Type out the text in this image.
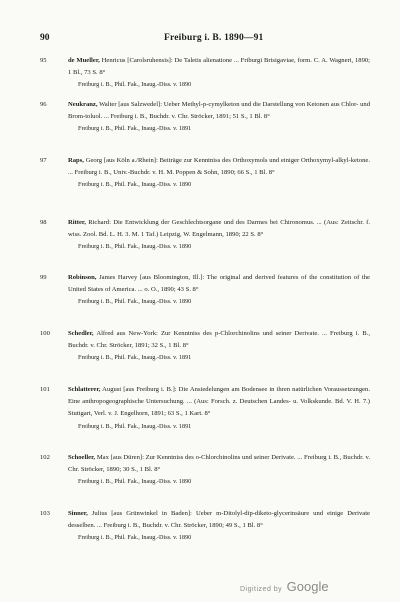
90	Freiburg i. B. 1890—91
95	de Mueller, Henricus [Carolsruhensis]: De Taletis alienatione ... Friburgi Brisigaviae, form. C. A. Wagneri, 1890; 1 Bl., 73 S. 8°
Freiburg i. B., Phil. Fak., Inaug.-Diss. v. 1890
96	Neukranz, Walter [aus Salzwedel]: Ueber Methyl-p-cymylketon und die Darstellung von Ketonen aus Chlor- und Brom-toluol. ... Freiburg i. B., Buchdr. v. Chr. Ströcker, 1891; 51 S., 1 Bl. 8°
Freiburg i. B., Phil. Fak., Inaug.-Diss. v. 1891
97	Raps, Georg [aus Köln a./Rhein]: Beiträge zur Kenntniss des Orthoxymols und einiger Orthoxymyl-alkyl-ketone. ... Freiburg i. B., Univ.-Buchdr. v. H. M. Poppen & Sohn, 1890; 66 S., 1 Bl. 8°
Freiburg i. B., Phil. Fak., Inaug.-Diss. v. 1890
98	Ritter, Richard: Die Entwicklung der Geschlechtsorgane und des Darmes bei Chironomus. ... (Aus: Zeitschr. f. wiss. Zool. Bd. L. H. 3. M. 1 Taf.) Leipzig, W. Engelmann, 1890; 22 S. 8°
Freiburg i. B., Phil. Fak., Inaug.-Diss. v. 1890
99	Robinson, James Harvey [aus Bloomington, Ill.]: The original and derived features of the constitution of the United States of America. ... o. O., 1890; 43 S. 8°
Freiburg i. B., Phil. Fak., Inaug.-Diss. v. 1890
100	Schedler, Alfred aus New-York: Zur Kenntniss des p-Chlorchinolins und seiner Derivate. ... Freiburg i. B., Buchdr. v. Chr. Ströcker, 1891; 32 S., 1 Bl. 8°
Freiburg i. B., Phil. Fak., Inaug.-Diss. v. 1891
101	Schlatterer, August [aus Freiburg i. B.]: Die Ansiedelungen am Bodensee in ihren natürlichen Voraussetzungen. Eine anthropogeographische Untersuchung. ... (Aus: Forsch. z. Deutschen Landes- u. Volkskunde. Bd. V. H. 7.) Stuttgart, Verl. v. J. Engelhorn, 1891; 63 S., 1 Kart. 8°
Freiburg i. B., Phil. Fak., Inaug.-Diss. v. 1891
102	Schoeller, Max [aus Düren]: Zur Kenntniss des o-Chlorchinolins und seiner Derivate. ... Freiburg i. B., Buchdr. v. Chr. Ströcker, 1890; 30 S., 1 Bl. 8°
Freiburg i. B., Phil. Fak., Inaug.-Diss. v. 1890
103	Sinner, Julius [aus Grünwinkel in Baden]: Ueber m-Ditolyl-dip-diketo-glycerinsäure und einige Derivate desselben. ... Freiburg i. B., Buchdr. v. Chr. Ströcker, 1890; 49 S., 1 Bl. 8°
Freiburg i. B., Phil. Fak., Inaug.-Diss. v. 1890
Digitized by Google
